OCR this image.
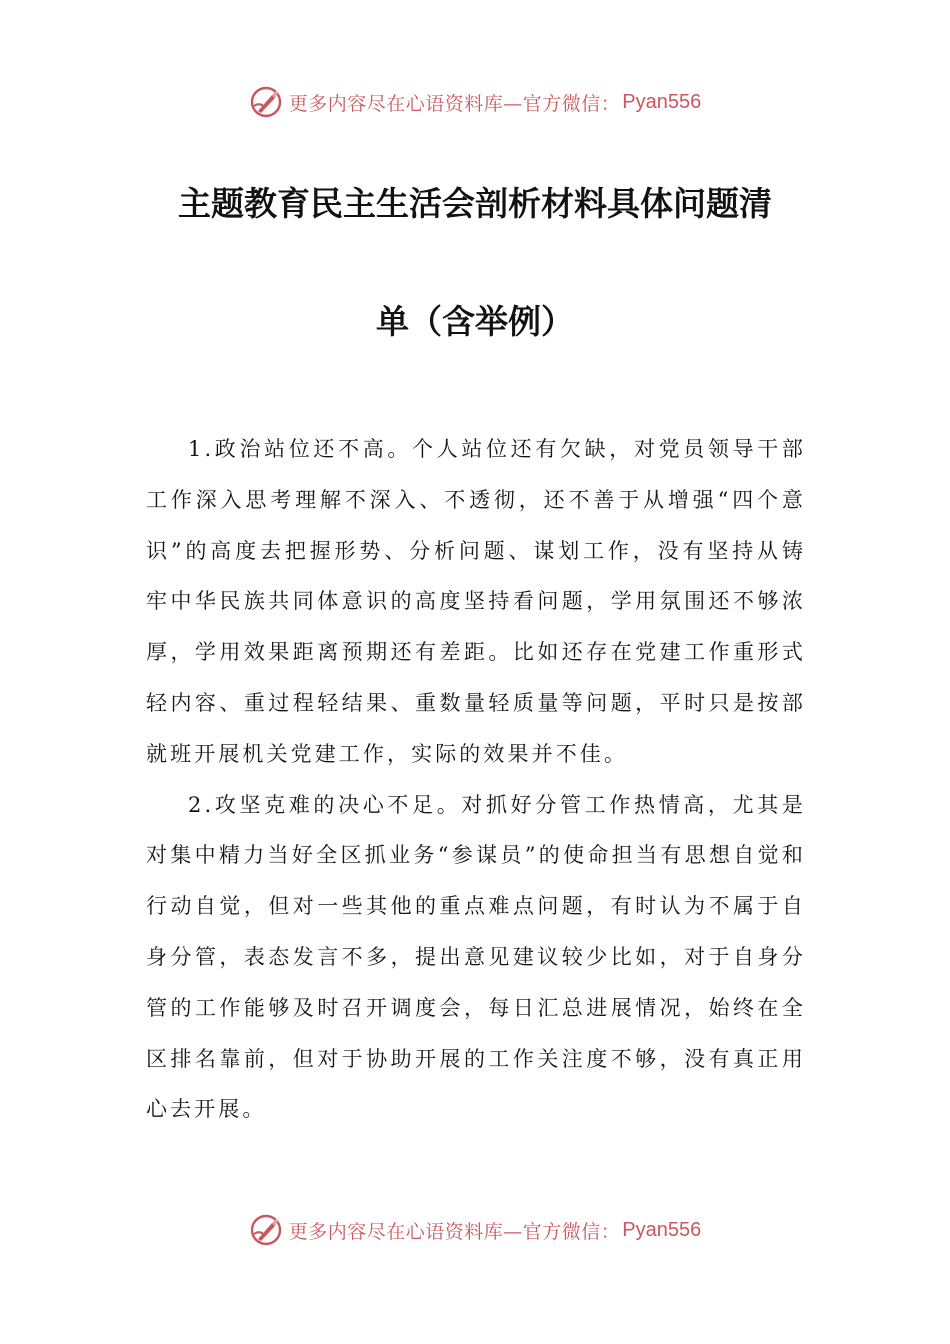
更多内容尽在心语资料库—官方微信： Pyan556
主题教育民主生活会剖析材料具体问题清
单（含举例）

1.政治站位还不高。个人站位还有欠缺，对党员领导干部工作深入思考理解不深入、不透彻，还不善于从增强“四个意识”的高度去把握形势、分析问题、谋划工作，没有坚持从铸牢中华民族共同体意识的高度坚持看问题，学用氛围还不够浓厚，学用效果距离预期还有差距。比如还存在党建工作重形式轻内容、重过程轻结果、重数量轻质量等问题，平时只是按部就班开展机关党建工作，实际的效果并不佳。

2.攻坚克难的决心不足。对抓好分管工作热情高，尤其是对集中精力当好全区抓业务“参谋员”的使命担当有思想自觉和行动自觉，但对一些其他的重点难点问题，有时认为不属于自身分管，表态发言不多，提出意见建议较少比如，对于自身分管的工作能够及时召开调度会，每日汇总进展情况，始终在全区排名靠前，但对于协助开展的工作关注度不够，没有真正用心去开展。

更多内容尽在心语资料库—官方微信： Pyan556
